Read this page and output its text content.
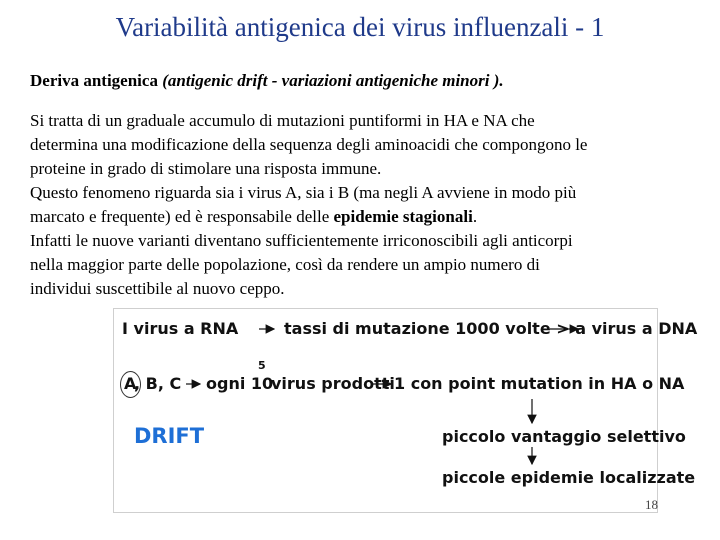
Variabilità antigenica dei virus influenzali - 1
Deriva antigenica (antigenic drift - variazioni antigeniche minori ).
Si tratta di un graduale accumulo di mutazioni puntiformi in HA e NA che
determina una modificazione della sequenza degli aminoacidi che compongono le
proteine in grado di stimolare una risposta immune.
Questo fenomeno riguarda sia i virus A, sia i B (ma negli A avviene in modo più
marcato e frequente) ed è responsabile delle epidemie stagionali.
Infatti le nuove varianti diventano sufficientemente irriconoscibili agli anticorpi
nella maggior parte delle popolazione, così da rendere un ampio numero di
individui suscettibile al nuovo ceppo.
I virus a RNA	tassi di mutazione 1000 volte > a virus a DNA
A
, B, C ogni 10
5
virus prodotti 1 con point mutation in HA o NA
DRIFT	piccolo vantaggio selettivo
piccole epidemie localizzate
18
